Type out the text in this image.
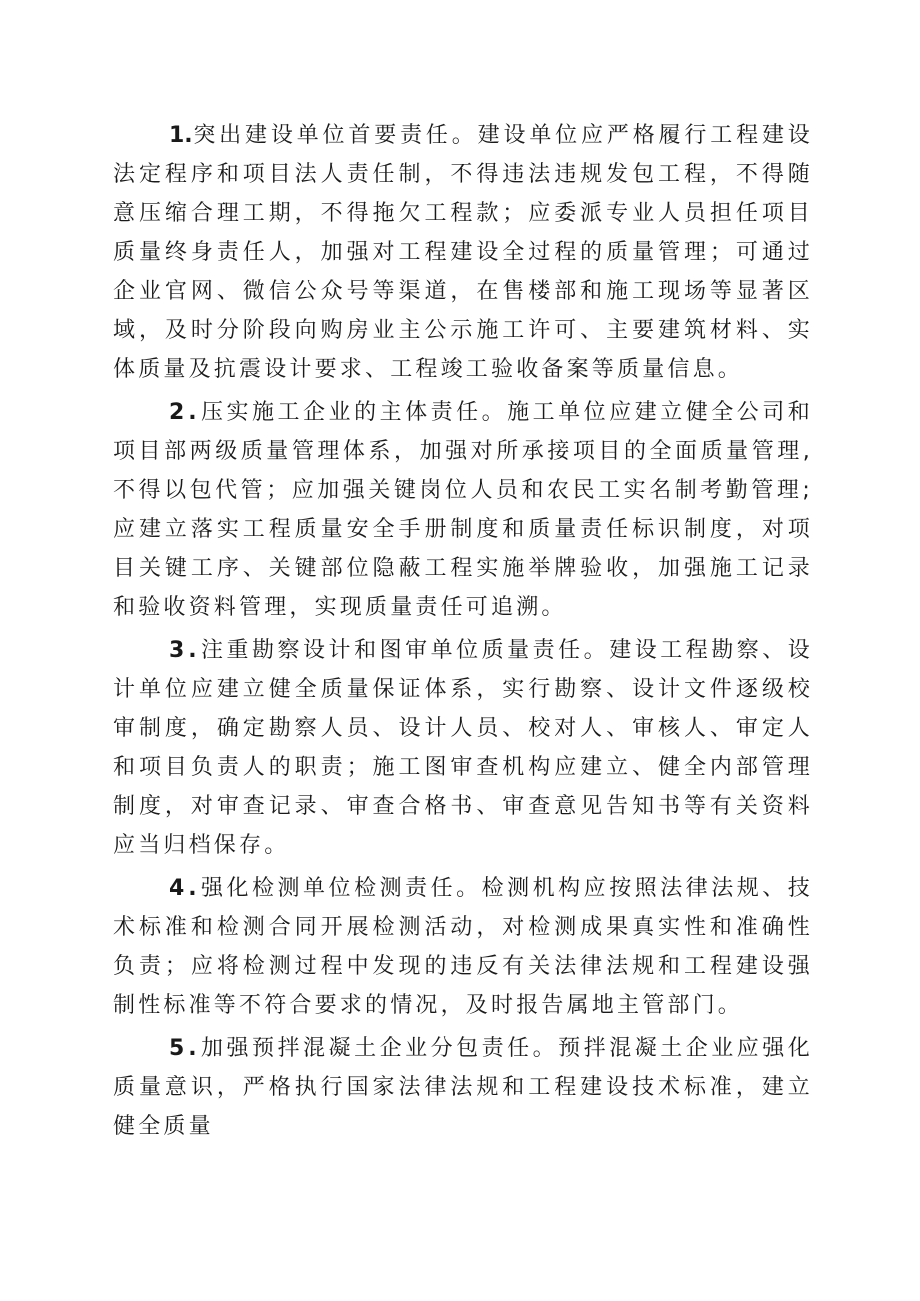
1.突出建设单位首要责任。建设单位应严格履行工程建设法定程序和项目法人责任制，不得违法违规发包工程，不得随意压缩合理工期，不得拖欠工程款；应委派专业人员担任项目质量终身责任人，加强对工程建设全过程的质量管理；可通过企业官网、微信公众号等渠道，在售楼部和施工现场等显著区域，及时分阶段向购房业主公示施工许可、主要建筑材料、实体质量及抗震设计要求、工程竣工验收备案等质量信息。

2.压实施工企业的主体责任。施工单位应建立健全公司和项目部两级质量管理体系，加强对所承接项目的全面质量管理,不得以包代管；应加强关键岗位人员和农民工实名制考勤管理;应建立落实工程质量安全手册制度和质量责任标识制度，对项目关键工序、关键部位隐蔽工程实施举牌验收，加强施工记录和验收资料管理，实现质量责任可追溯。

3.注重勘察设计和图审单位质量责任。建设工程勘察、设计单位应建立健全质量保证体系，实行勘察、设计文件逐级校审制度，确定勘察人员、设计人员、校对人、审核人、审定人和项目负责人的职责；施工图审查机构应建立、健全内部管理制度，对审查记录、审查合格书、审查意见告知书等有关资料应当归档保存。

4.强化检测单位检测责任。检测机构应按照法律法规、技术标准和检测合同开展检测活动，对检测成果真实性和准确性负责；应将检测过程中发现的违反有关法律法规和工程建设强制性标准等不符合要求的情况，及时报告属地主管部门。

5.加强预拌混凝土企业分包责任。预拌混凝土企业应强化质量意识，严格执行国家法律法规和工程建设技术标准，建立健全质量
